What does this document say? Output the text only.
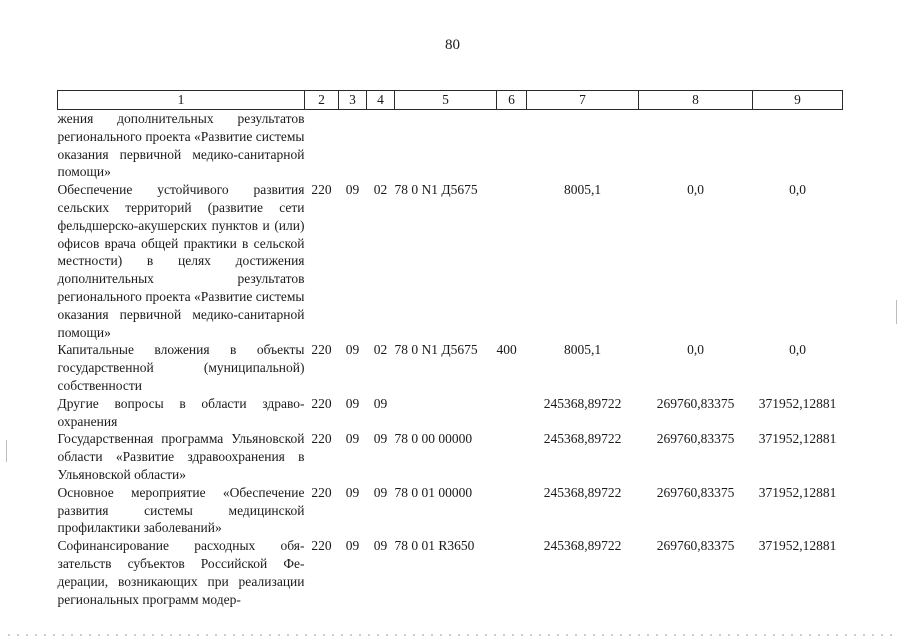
80
1	2	3	4	5	6	7	8	9
жения дополнительных результатов регионального проекта «Развитие системы оказания первичной медико-санитарной помощи»								
Обеспечение устойчивого развития сельских территорий (развитие сети фельдшерско-акушерских пунктов и (или) офисов врача общей практики в сельской местности) в целях достижения дополнительных результатов регионального проекта «Развитие системы оказания первичной медико-санитарной помощи»	220	09	02	78 0 N1 Д5675		8005,1	0,0	0,0
Капитальные вложения в объекты государственной (муниципальной) собственности	220	09	02	78 0 N1 Д5675	400	8005,1	0,0	0,0
Другие вопросы в области здравоохранения	220	09	09			245368,89722	269760,83375	371952,12881
Государственная программа Ульяновской области «Развитие здравоохранения в Ульяновской области»	220	09	09	78 0 00 00000		245368,89722	269760,83375	371952,12881
Основное мероприятие «Обеспечение развития системы медицинской профилактики заболеваний»	220	09	09	78 0 01 00000		245368,89722	269760,83375	371952,12881
Софинансирование расходных обязательств субъектов Российской Федерации, возникающих при реализации региональных программ модер-	220	09	09	78 0 01 R3650		245368,89722	269760,83375	371952,12881
